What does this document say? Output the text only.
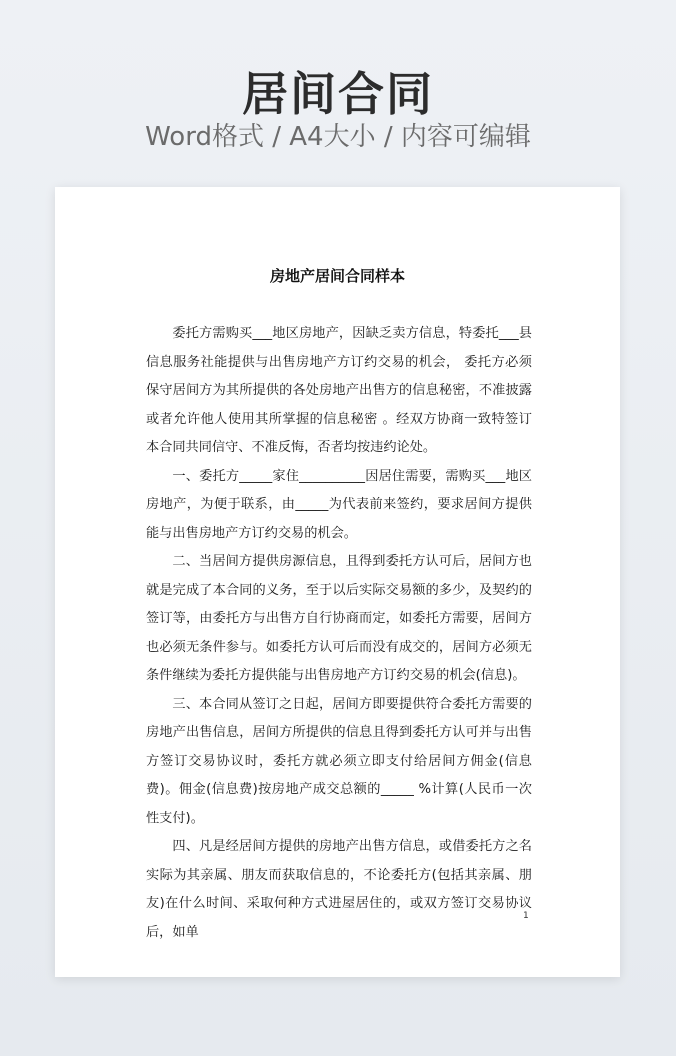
居间合同
Word格式 / A4大小 / 内容可编辑
房地产居间合同样本

委托方需购买___地区房地产，因缺乏卖方信息，特委托___县信息服务社能提供与出售房地产方订约交易的机会， 委托方必须保守居间方为其所提供的各处房地产出售方的信息秘密，不准披露或者允许他人使用其所掌握的信息秘密 。经双方协商一致特签订本合同共同信守、不准反悔，否者均按违约论处。

一、委托方_____家住__________因居住需要，需购买___地区房地产，为便于联系，由_____为代表前来签约，要求居间方提供能与出售房地产方订约交易的机会。

二、当居间方提供房源信息，且得到委托方认可后，居间方也就是完成了本合同的义务，至于以后实际交易额的多少，及契约的签订等，由委托方与出售方自行协商而定，如委托方需要，居间方也必须无条件参与。如委托方认可后而没有成交的，居间方必须无条件继续为委托方提供能与出售房地产方订约交易的机会(信息)。

三、本合同从签订之日起，居间方即要提供符合委托方需要的房地产出售信息，居间方所提供的信息且得到委托方认可并与出售方签订交易协议时，委托方就必须立即支付给居间方佣金(信息费)。佣金(信息费)按房地产成交总额的_____ %计算(人民币一次性支付)。

四、凡是经居间方提供的房地产出售方信息，或借委托方之名实际为其亲属、朋友而获取信息的，不论委托方(包括其亲属、朋友)在什么时间、采取何种方式进屋居住的，或双方签订交易协议后，如单

1
